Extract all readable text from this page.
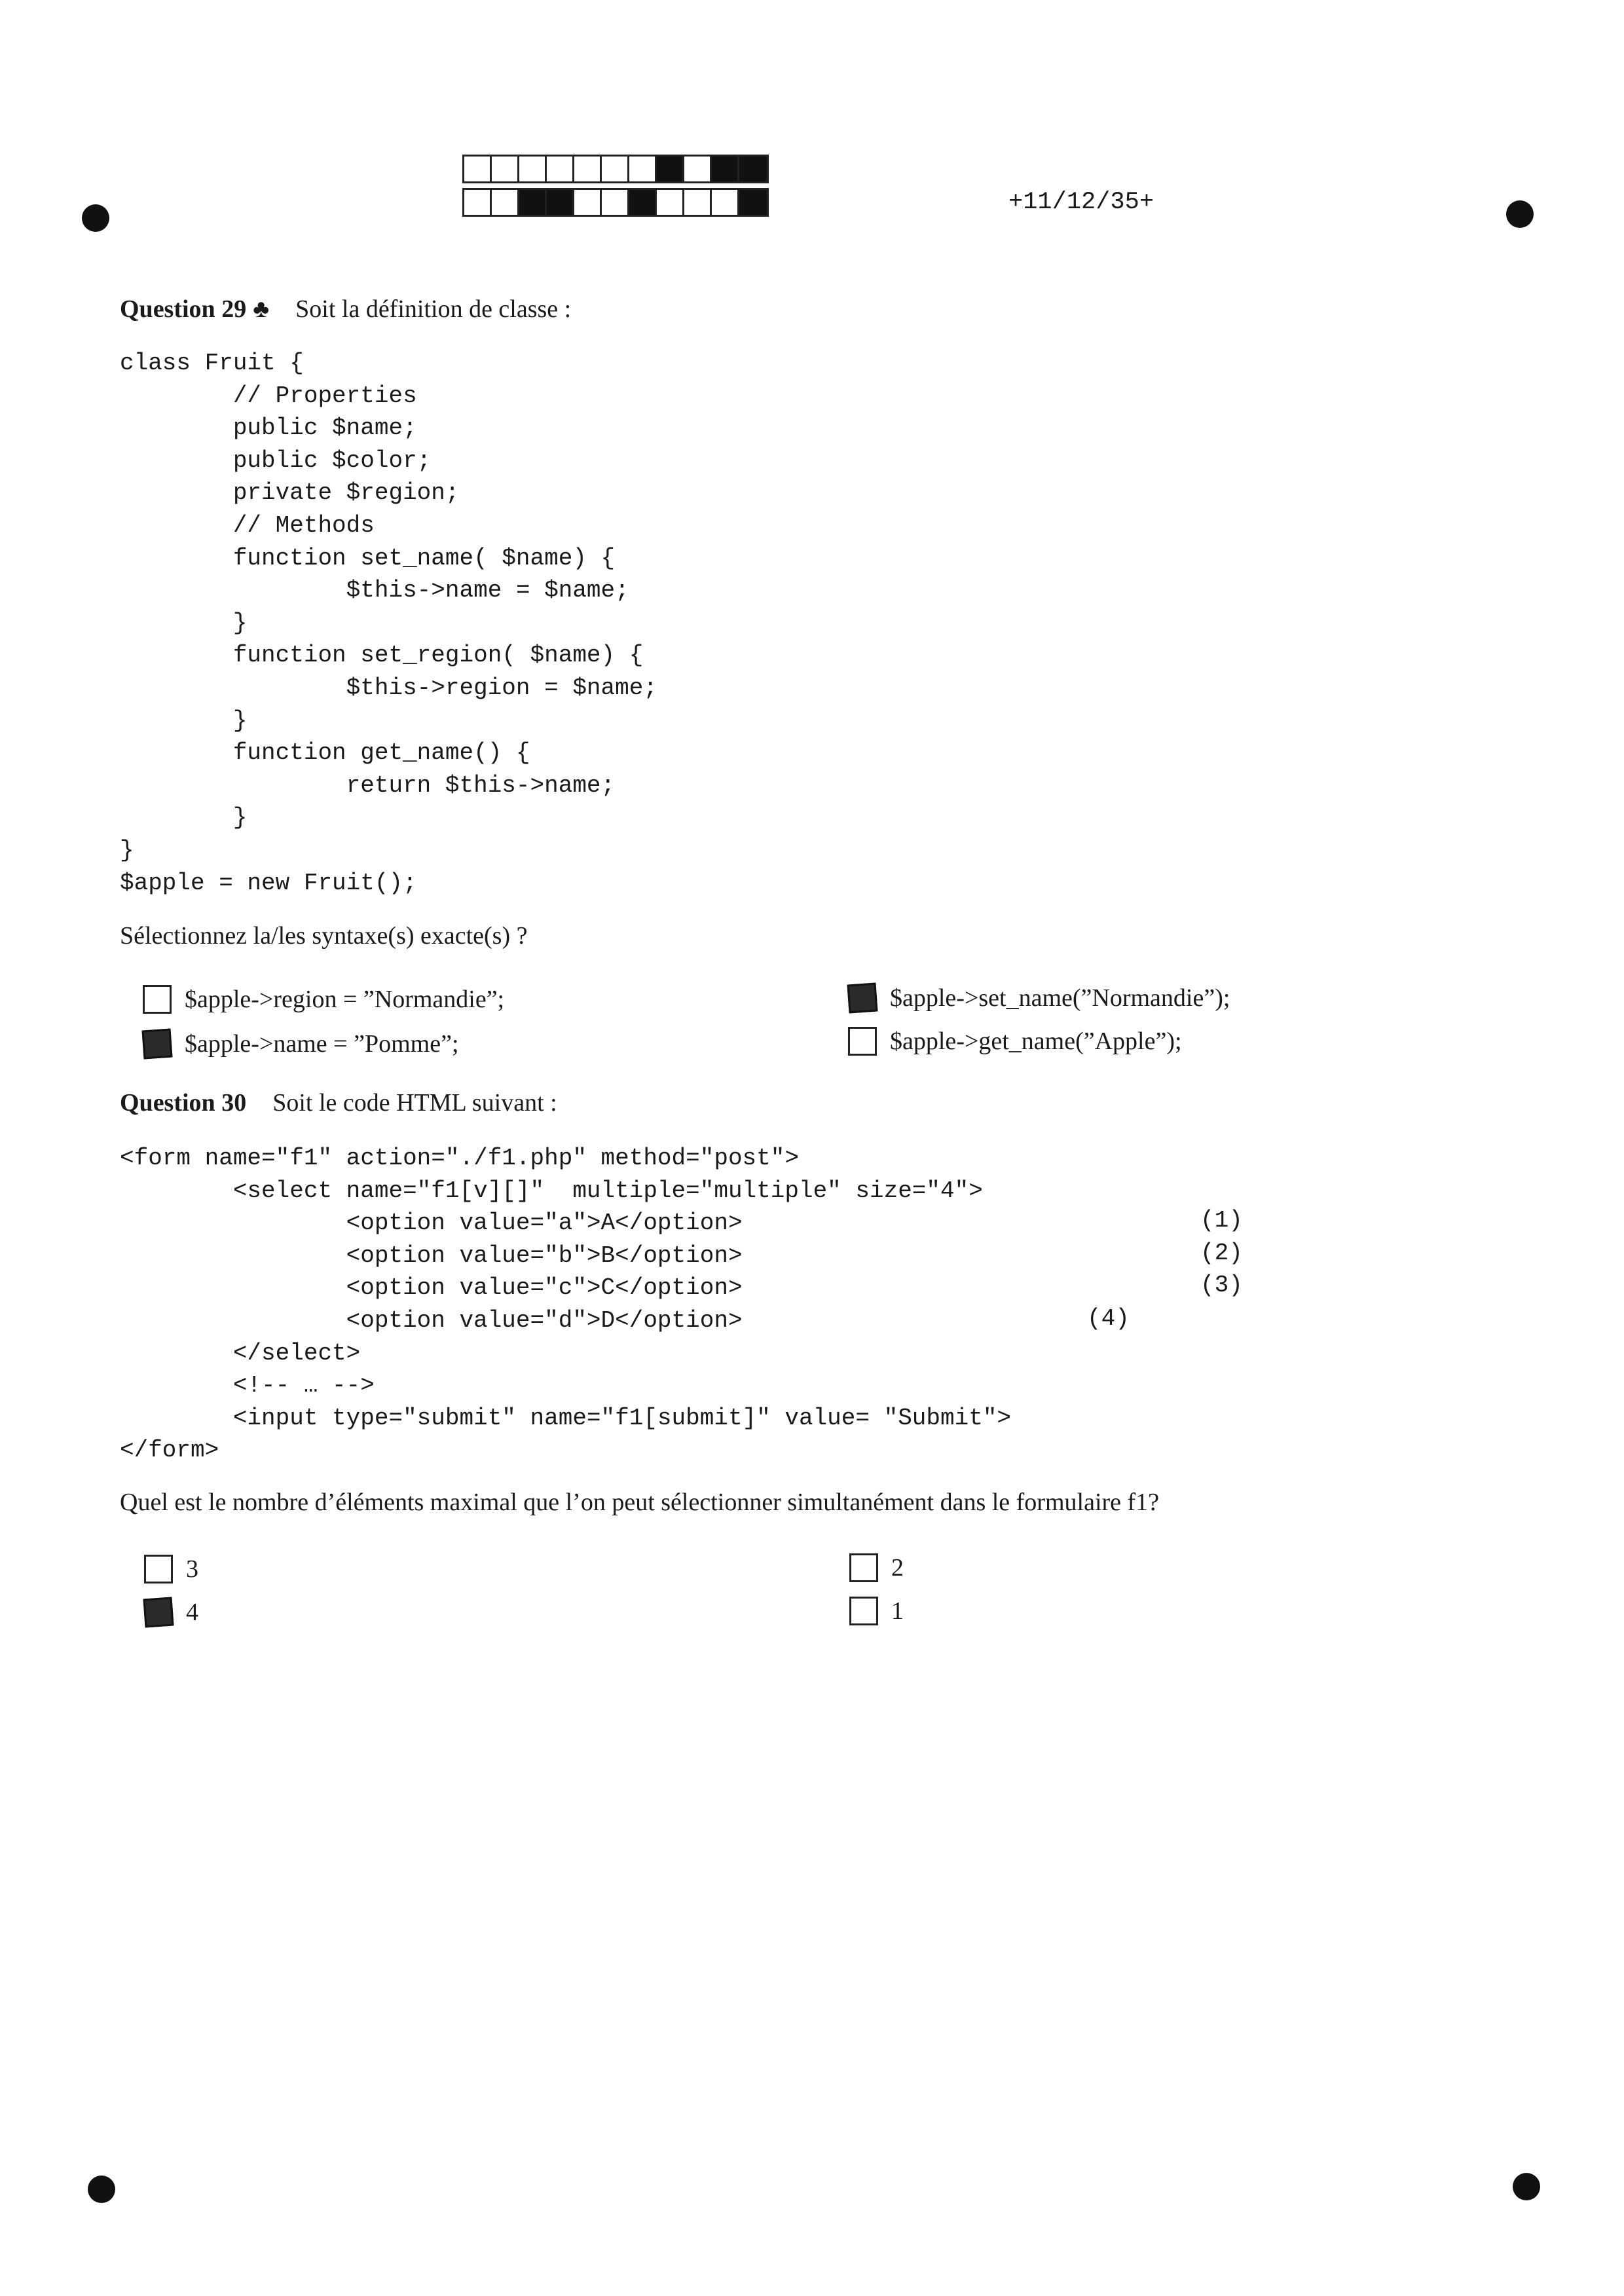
+11/12/35+
Question 29 ♣ Soit la définition de classe :
class Fruit {
// Properties
public $name;
public $color;
private $region;
// Methods
function set_name( $name) {
$this->name = $name;
}
function set_region( $name) {
$this->region = $name;
}
function get_name() {
return $this->name;
}
}
$apple = new Fruit();
Sélectionnez la/les syntaxe(s) exacte(s) ?
$apple->region = ”Normandie”;
$apple->name = ”Pomme”;
$apple->set_name(”Normandie”);
$apple->get_name(”Apple”);
Question 30 Soit le code HTML suivant :
<form name="f1" action="./f1.php" method="post">
<select name="f1[v][]"  multiple="multiple" size="4">
<option value="a">A</option>
<option value="b">B</option>
<option value="c">C</option>
<option value="d">D</option>
</select>
<!-- … -->
<input type="submit" name="f1[submit]" value= "Submit">
</form>
(1)
(2)
(3)
(4)
Quel est le nombre d’éléments maximal que l’on peut sélectionner simultanément dans le formulaire f1?
3
4
2
1
